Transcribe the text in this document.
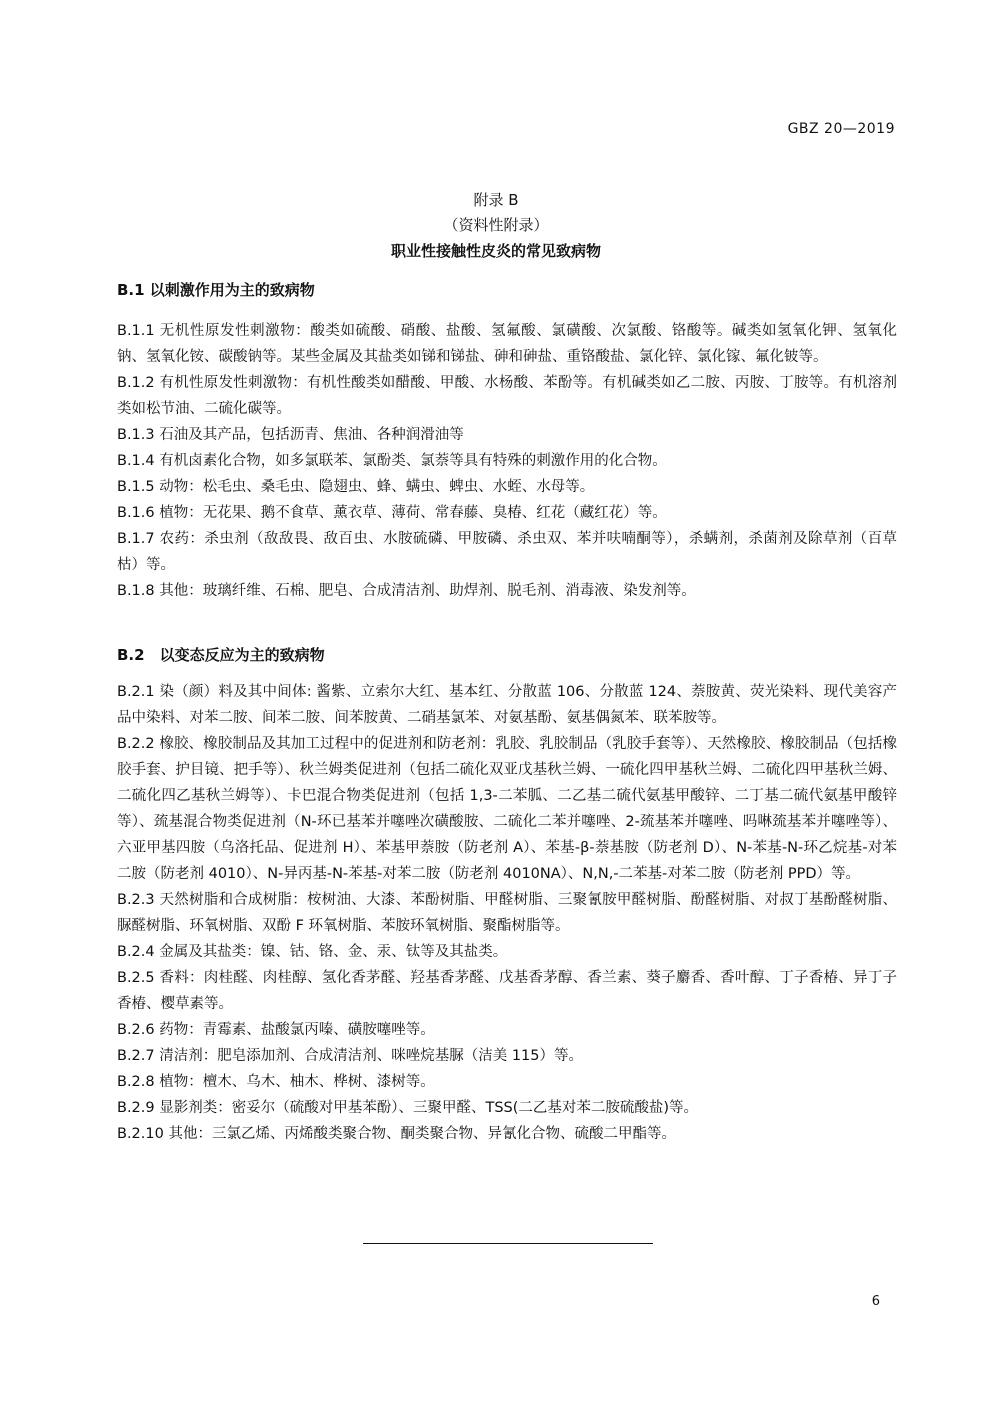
GBZ 20—2019
附录 B
（资料性附录）
职业性接触性皮炎的常见致病物
B.1 以刺激作用为主的致病物

B.1.1 无机性原发性刺激物：酸类如硫酸、硝酸、盐酸、氢氟酸、氯磺酸、次氯酸、铬酸等。碱类如氢氧化钾、氢氧化钠、氢氧化铵、碳酸钠等。某些金属及其盐类如锑和锑盐、砷和砷盐、重铬酸盐、氯化锌、氯化镓、氟化铍等。

B.1.2 有机性原发性刺激物：有机性酸类如醋酸、甲酸、水杨酸、苯酚等。有机碱类如乙二胺、丙胺、丁胺等。有机溶剂类如松节油、二硫化碳等。

B.1.3 石油及其产品，包括沥青、焦油、各种润滑油等

B.1.4 有机卤素化合物，如多氯联苯、氯酚类、氯萘等具有特殊的刺激作用的化合物。

B.1.5 动物：松毛虫、桑毛虫、隐翅虫、蜂、螨虫、蜱虫、水蛭、水母等。

B.1.6 植物：无花果、鹅不食草、薰衣草、薄荷、常春藤、臭椿、红花（藏红花）等。

B.1.7 农药：杀虫剂（敌敌畏、敌百虫、水胺硫磷、甲胺磷、杀虫双、苯并呋喃酮等），杀螨剂，杀菌剂及除草剂（百草枯）等。

B.1.8 其他：玻璃纤维、石棉、肥皂、合成清洁剂、助焊剂、脱毛剂、消毒液、染发剂等。

B.2　以变态反应为主的致病物

B.2.1 染（颜）料及其中间体: 酱紫、立索尔大红、基本红、分散蓝 106、分散蓝 124、萘胺黄、荧光染料、现代美容产品中染料、对苯二胺、间苯二胺、间苯胺黄、二硝基氯苯、对氨基酚、氨基偶氮苯、联苯胺等。

B.2.2 橡胶、橡胶制品及其加工过程中的促进剂和防老剂：乳胶、乳胶制品（乳胶手套等）、天然橡胶、橡胶制品（包括橡胶手套、护目镜、把手等）、秋兰姆类促进剂（包括二硫化双亚戊基秋兰姆、一硫化四甲基秋兰姆、二硫化四甲基秋兰姆、二硫化四乙基秋兰姆等）、卡巴混合物类促进剂（包括 1,3-二苯胍、二乙基二硫代氨基甲酸锌、二丁基二硫代氨基甲酸锌等）、巯基混合物类促进剂（N-环已基苯并噻唑次磺酸胺、二硫化二苯并噻唑、2-巯基苯并噻唑、吗啉巯基苯并噻唑等）、六亚甲基四胺（乌洛托品、促进剂 H）、苯基甲萘胺（防老剂 A）、苯基-β-萘基胺（防老剂 D）、N-苯基-N-环乙烷基-对苯二胺（防老剂 4010）、N-异丙基-N-苯基-对苯二胺（防老剂 4010NA）、N,N,-二苯基-对苯二胺（防老剂 PPD）等。

B.2.3 天然树脂和合成树脂：桉树油、大漆、苯酚树脂、甲醛树脂、三聚氰胺甲醛树脂、酚醛树脂、对叔丁基酚醛树脂、脲醛树脂、环氧树脂、双酚 F 环氧树脂、苯胺环氧树脂、聚酯树脂等。

B.2.4 金属及其盐类：镍、钴、铬、金、汞、钛等及其盐类。

B.2.5 香料：肉桂醛、肉桂醇、氢化香茅醛、羟基香茅醛、戊基香茅醇、香兰素、葵子麝香、香叶醇、丁子香椿、异丁子香椿、樱草素等。

B.2.6 药物：青霉素、盐酸氯丙嗪、磺胺噻唑等。

B.2.7 清洁剂：肥皂添加剂、合成清洁剂、咪唑烷基脲（洁美 115）等。

B.2.8 植物：檀木、乌木、柚木、桦树、漆树等。

B.2.9 显影剂类：密妥尔（硫酸对甲基苯酚）、三聚甲醛、TSS(二乙基对苯二胺硫酸盐)等。

B.2.10 其他：三氯乙烯、丙烯酸类聚合物、酮类聚合物、异氰化合物、硫酸二甲酯等。

6
